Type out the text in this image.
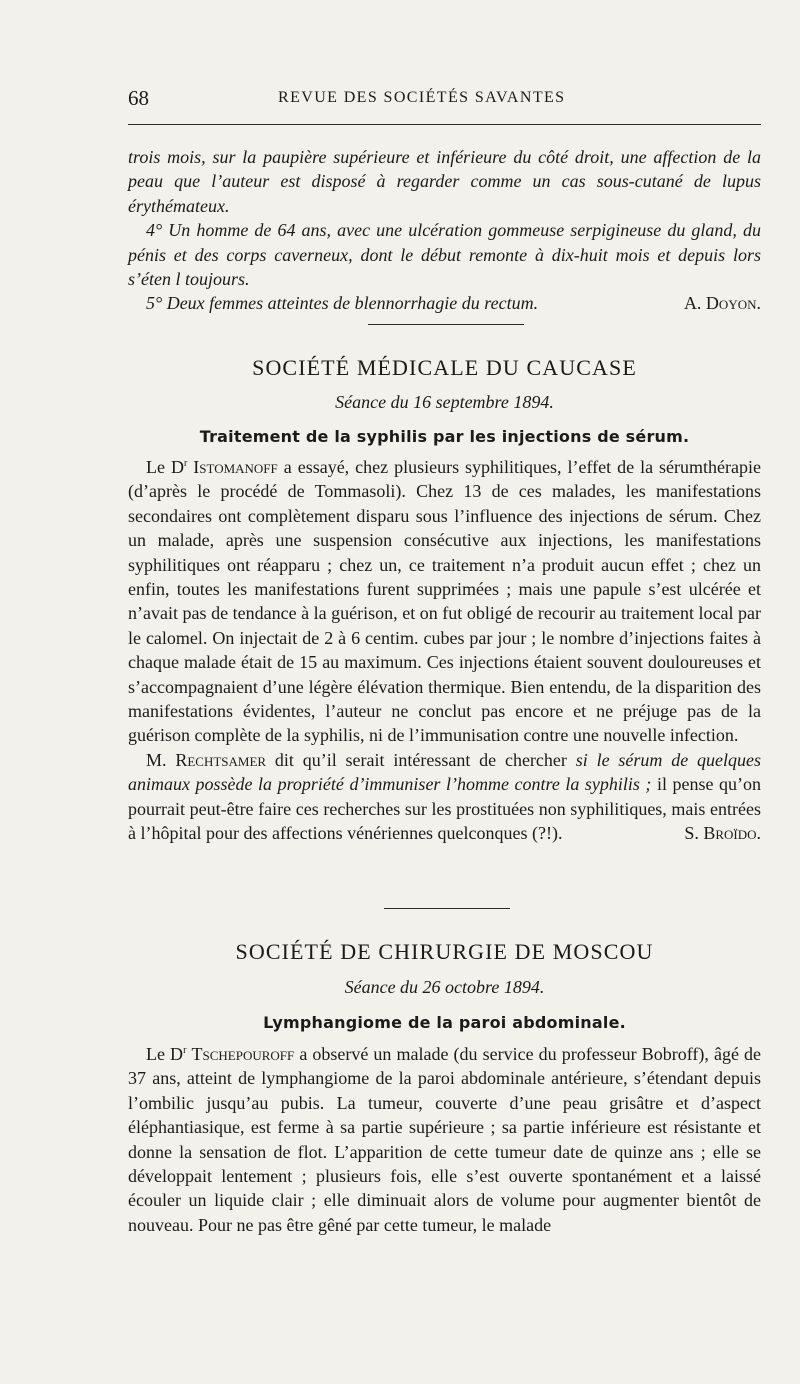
68	REVUE DES SOCIÉTÉS SAVANTES

trois mois, sur la paupière supérieure et inférieure du côté droit, une affection de la peau que l’auteur est disposé à regarder comme un cas sous-cutané de lupus érythémateux.

4° Un homme de 64 ans, avec une ulcération gommeuse serpigineuse du gland, du pénis et des corps caverneux, dont le début remonte à dix-huit mois et depuis lors s’éten l toujours.

5° Deux femmes atteintes de blennorrhagie du rectum.	A. Doyon.

SOCIÉTÉ MÉDICALE DU CAUCASE
Séance du 16 septembre 1894.
Traitement de la syphilis par les injections de sérum.

Le $D^r$ Istomanoff a essayé, chez plusieurs syphilitiques, l’effet de la sérumthérapie (d’après le procédé de Tommasoli). Chez 13 de ces malades, les manifestations secondaires ont complètement disparu sous l’influence des injections de sérum. Chez un malade, après une suspension consécutive aux injections, les manifestations syphilitiques ont réapparu ; chez un, ce traitement n’a produit aucun effet ; chez un enfin, toutes les manifestations furent supprimées ; mais une papule s’est ulcérée et n’avait pas de tendance à la guérison, et on fut obligé de recourir au traitement local par le calomel. On injectait de 2 à 6 centim. cubes par jour ; le nombre d’injections faites à chaque malade était de 15 au maximum. Ces injections étaient souvent douloureuses et s’accompagnaient d’une légère élévation thermique. Bien entendu, de la disparition des manifestations évidentes, l’auteur ne conclut pas encore et ne préjuge pas de la guérison complète de la syphilis, ni de l’immunisation contre une nouvelle infection.

M. Rechtsamer dit qu’il serait intéressant de chercher si le sérum de quelques animaux possède la propriété d’immuniser l’homme contre la syphilis ; il pense qu’on pourrait peut-être faire ces recherches sur les prostituées non syphilitiques, mais entrées à l’hôpital pour des affections vénériennes quelconques (?!).	S. Broïdo.

SOCIÉTÉ DE CHIRURGIE DE MOSCOU
Séance du 26 octobre 1894.
Lymphangiome de la paroi abdominale.

Le $D^r$ Tschepouroff a observé un malade (du service du professeur Bobroff), âgé de 37 ans, atteint de lymphangiome de la paroi abdominale antérieure, s’étendant depuis l’ombilic jusqu’au pubis. La tumeur, couverte d’une peau grisâtre et d’aspect éléphantiasique, est ferme à sa partie supérieure ; sa partie inférieure est résistante et donne la sensation de flot. L’apparition de cette tumeur date de quinze ans ; elle se développait lentement ; plusieurs fois, elle s’est ouverte spontanément et a laissé écouler un liquide clair ; elle diminuait alors de volume pour augmenter bientôt de nouveau. Pour ne pas être gêné par cette tumeur, le malade
